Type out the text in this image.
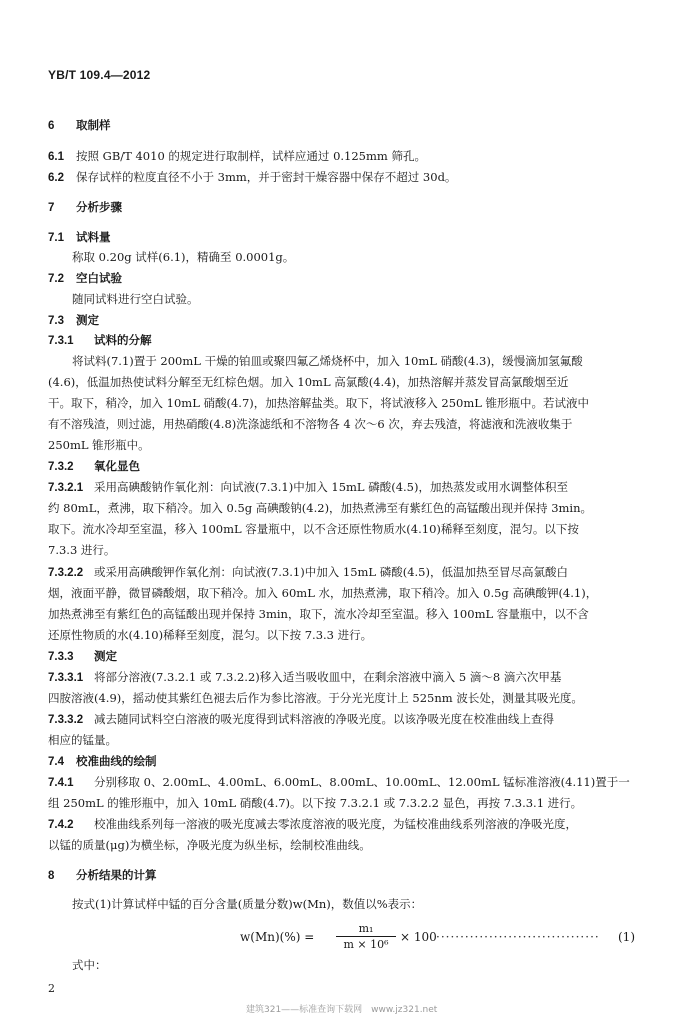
YB/T 109.4—2012
6 取制样
6.1 按照 GB/T 4010 的规定进行取制样，试样应通过 0.125mm 筛孔。
6.2 保存试样的粒度直径不小于 3mm，并于密封干燥容器中保存不超过 30d。
7 分析步骤
7.1 试料量
称取 0.20g 试样(6.1)，精确至 0.0001g。
7.2 空白试验
随同试料进行空白试验。
7.3 测定
7.3.1 试料的分解
将试料(7.1)置于 200mL 干燥的铂皿或聚四氟乙烯烧杯中，加入 10mL 硝酸(4.3)，缓慢滴加氢氟酸
(4.6)，低温加热使试料分解至无红棕色烟。加入 10mL 高氯酸(4.4)，加热溶解并蒸发冒高氯酸烟至近
干。取下，稍冷，加入 10mL 硝酸(4.7)，加热溶解盐类。取下，将试液移入 250mL 锥形瓶中。若试液中
有不溶残渣，则过滤，用热硝酸(4.8)洗涤滤纸和不溶物各 4 次～6 次，弃去残渣，将滤液和洗液收集于
250mL 锥形瓶中。
7.3.2 氧化显色
7.3.2.1 采用高碘酸钠作氧化剂：向试液(7.3.1)中加入 15mL 磷酸(4.5)，加热蒸发或用水调整体积至
约 80mL，煮沸，取下稍冷。加入 0.5g 高碘酸钠(4.2)，加热煮沸至有紫红色的高锰酸出现并保持 3min。
取下。流水冷却至室温，移入 100mL 容量瓶中，以不含还原性物质水(4.10)稀释至刻度，混匀。以下按
7.3.3 进行。
7.3.2.2 或采用高碘酸钾作氧化剂：向试液(7.3.1)中加入 15mL 磷酸(4.5)，低温加热至冒尽高氯酸白
烟，液面平静，微冒磷酸烟，取下稍冷。加入 60mL 水，加热煮沸，取下稍冷。加入 0.5g 高碘酸钾(4.1)，
加热煮沸至有紫红色的高锰酸出现并保持 3min，取下，流水冷却至室温。移入 100mL 容量瓶中，以不含
还原性物质的水(4.10)稀释至刻度，混匀。以下按 7.3.3 进行。
7.3.3 测定
7.3.3.1 将部分溶液(7.3.2.1 或 7.3.2.2)移入适当吸收皿中，在剩余溶液中滴入 5 滴～8 滴六次甲基
四胺溶液(4.9)，摇动使其紫红色褪去后作为参比溶液。于分光光度计上 525nm 波长处，测量其吸光度。
7.3.3.2 减去随同试料空白溶液的吸光度得到试料溶液的净吸光度。以该净吸光度在校准曲线上查得
相应的锰量。
7.4 校准曲线的绘制
7.4.1 分别移取 0、2.00mL、4.00mL、6.00mL、8.00mL、10.00mL、12.00mL 锰标准溶液(4.11)置于一
组 250mL 的锥形瓶中，加入 10mL 硝酸(4.7)。以下按 7.3.2.1 或 7.3.2.2 显色，再按 7.3.3.1 进行。
7.4.2 校准曲线系列每一溶液的吸光度减去零浓度溶液的吸光度，为锰校准曲线系列溶液的净吸光度，
以锰的质量(μg)为横坐标，净吸光度为纵坐标，绘制校准曲线。
8 分析结果的计算
按式(1)计算试样中锰的百分含量(质量分数)w(Mn)，数值以%表示：
$w(Mn)(\%) = \frac{\text{m₁}}{\text{m × 10⁶}} \times 100$ ·································· (1)
式中：
2
建筑321——标准查询下载网　www.jz321.net
